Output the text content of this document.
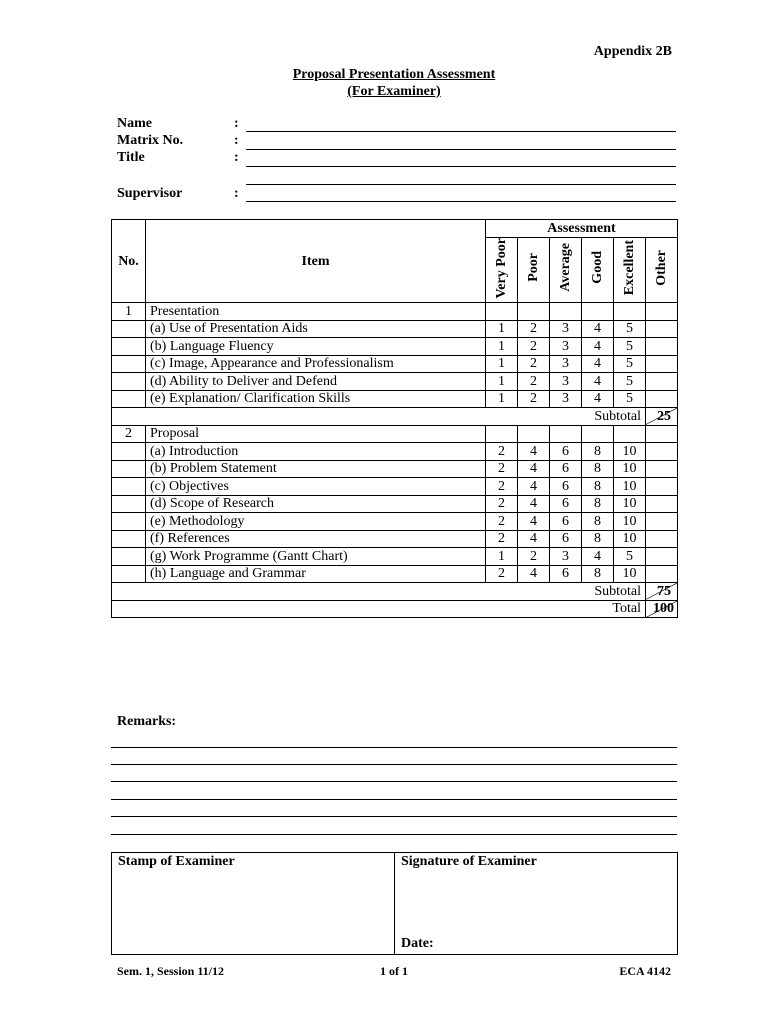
Appendix 2B
Proposal Presentation Assessment
(For Examiner)
Name	:
Matrix No.	:
Title	:
Supervisor	:
No.	Item	Assessment					
		Very Poor	Poor	Average	Good	Excellent	Other
1	Presentation						
	(a) Use of Presentation Aids	1	2	3	4	5	
	(b) Language Fluency	1	2	3	4	5	
	(c) Image, Appearance and Professionalism	1	2	3	4	5	
	(d) Ability to Deliver and Defend	1	2	3	4	5	
	(e) Explanation/ Clarification Skills	1	2	3	4	5	
Subtotal							25

2	Proposal						
	(a) Introduction	2	4	6	8	10	
	(b) Problem Statement	2	4	6	8	10	
	(c) Objectives	2	4	6	8	10	
	(d) Scope of Research	2	4	6	8	10	
	(e) Methodology	2	4	6	8	10	
	(f) References	2	4	6	8	10	
	(g) Work Programme (Gantt Chart)	1	2	3	4	5	
	(h) Language and Grammar	2	4	6	8	10	
Subtotal							75

Total							100
Remarks:
Stamp of Examiner	Signature of Examiner
Date:
Sem. 1, Session 11/12	1 of 1	ECA 4142
